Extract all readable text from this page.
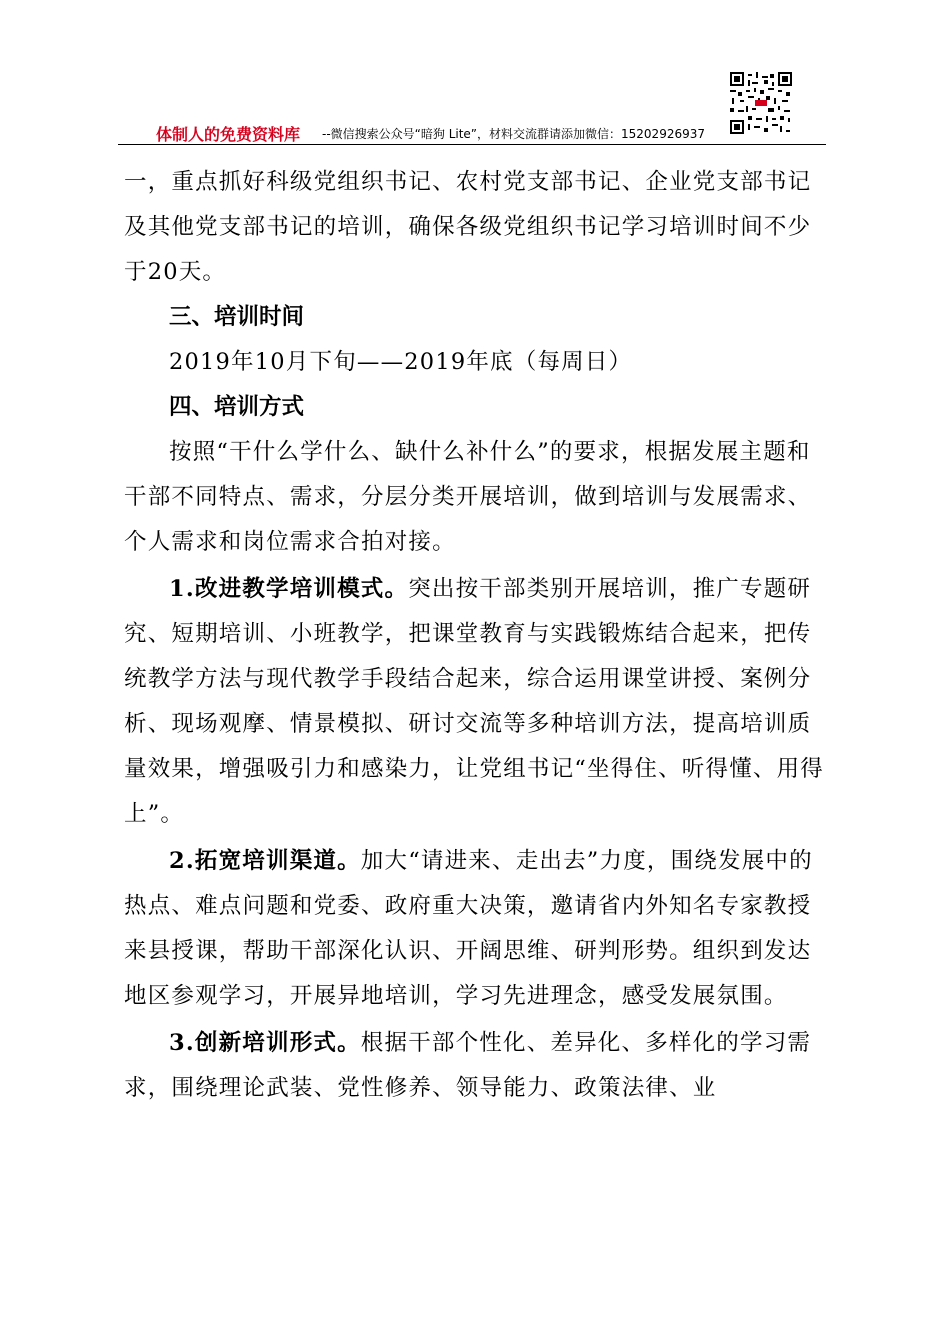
体制人的免费资料库 --微信搜索公众号“暗狗 Lite”，材料交流群请添加微信：15202926937

一，重点抓好科级党组织书记、农村党支部书记、企业党支部书记及其他党支部书记的培训，确保各级党组织书记学习培训时间不少于20天。

三、培训时间

2019年10月下旬——2019年底（每周日）

四、培训方式

按照“干什么学什么、缺什么补什么”的要求，根据发展主题和干部不同特点、需求，分层分类开展培训，做到培训与发展需求、个人需求和岗位需求合拍对接。

1.改进教学培训模式。突出按干部类别开展培训，推广专题研究、短期培训、小班教学，把课堂教育与实践锻炼结合起来，把传统教学方法与现代教学手段结合起来，综合运用课堂讲授、案例分析、现场观摩、情景模拟、研讨交流等多种培训方法，提高培训质量效果，增强吸引力和感染力，让党组书记“坐得住、听得懂、用得上”。

2.拓宽培训渠道。加大“请进来、走出去”力度，围绕发展中的热点、难点问题和党委、政府重大决策，邀请省内外知名专家教授来县授课，帮助干部深化认识、开阔思维、研判形势。组织到发达地区参观学习，开展异地培训，学习先进理念，感受发展氛围。

3.创新培训形式。根据干部个性化、差异化、多样化的学习需求，围绕理论武装、党性修养、领导能力、政策法律、业
